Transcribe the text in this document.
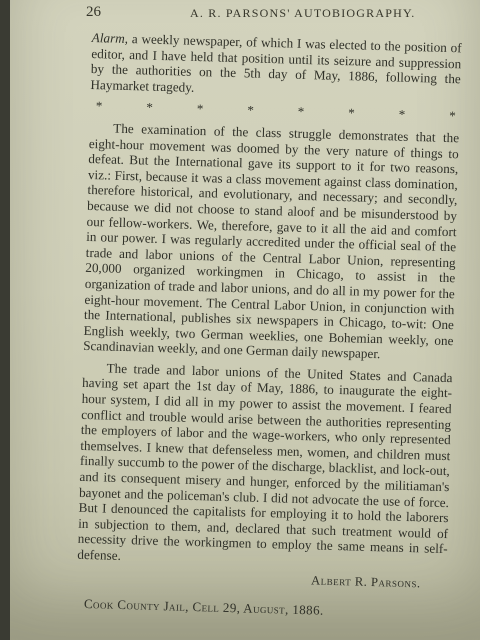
26	A. R. PARSONS' AUTOBIOGRAPHY.

Alarm, a weekly newspaper, of which I was elected to the position of editor, and I have held that position until its seizure and suppression by the authorities on the 5th day of May, 1886, following the Haymarket tragedy.

*	*	*	*	*	*	*	*

The examination of the class struggle demonstrates that the eight-hour movement was doomed by the very nature of things to defeat. But the International gave its support to it for two reasons, viz.: First, because it was a class movement against class domination, therefore historical, and evolutionary, and necessary; and secondly, because we did not choose to stand aloof and be misunderstood by our fellow-workers. We, therefore, gave to it all the aid and comfort in our power. I was regularly accredited under the official seal of the trade and labor unions of the Central Labor Union, representing 20,000 organized workingmen in Chicago, to assist in the organization of trade and labor unions, and do all in my power for the eight-hour movement. The Central Labor Union, in conjunction with the International, publishes six newspapers in Chicago, to-wit: One English weekly, two German weeklies, one Bohemian weekly, one Scandinavian weekly, and one German daily newspaper.

The trade and labor unions of the United States and Canada having set apart the 1st day of May, 1886, to inaugurate the eight-hour system, I did all in my power to assist the movement. I feared conflict and trouble would arise between the authorities representing the employers of labor and the wage-workers, who only represented themselves. I knew that defenseless men, women, and children must finally succumb to the power of the discharge, blacklist, and lock-out, and its consequent misery and hunger, enforced by the militiaman's bayonet and the policeman's club. I did not advocate the use of force. But I denounced the capitalists for employing it to hold the laborers in subjection to them, and, declared that such treatment would of necessity drive the workingmen to employ the same means in self-defense.

Albert R. Parsons.

Cook County Jail, Cell 29, August, 1886.
